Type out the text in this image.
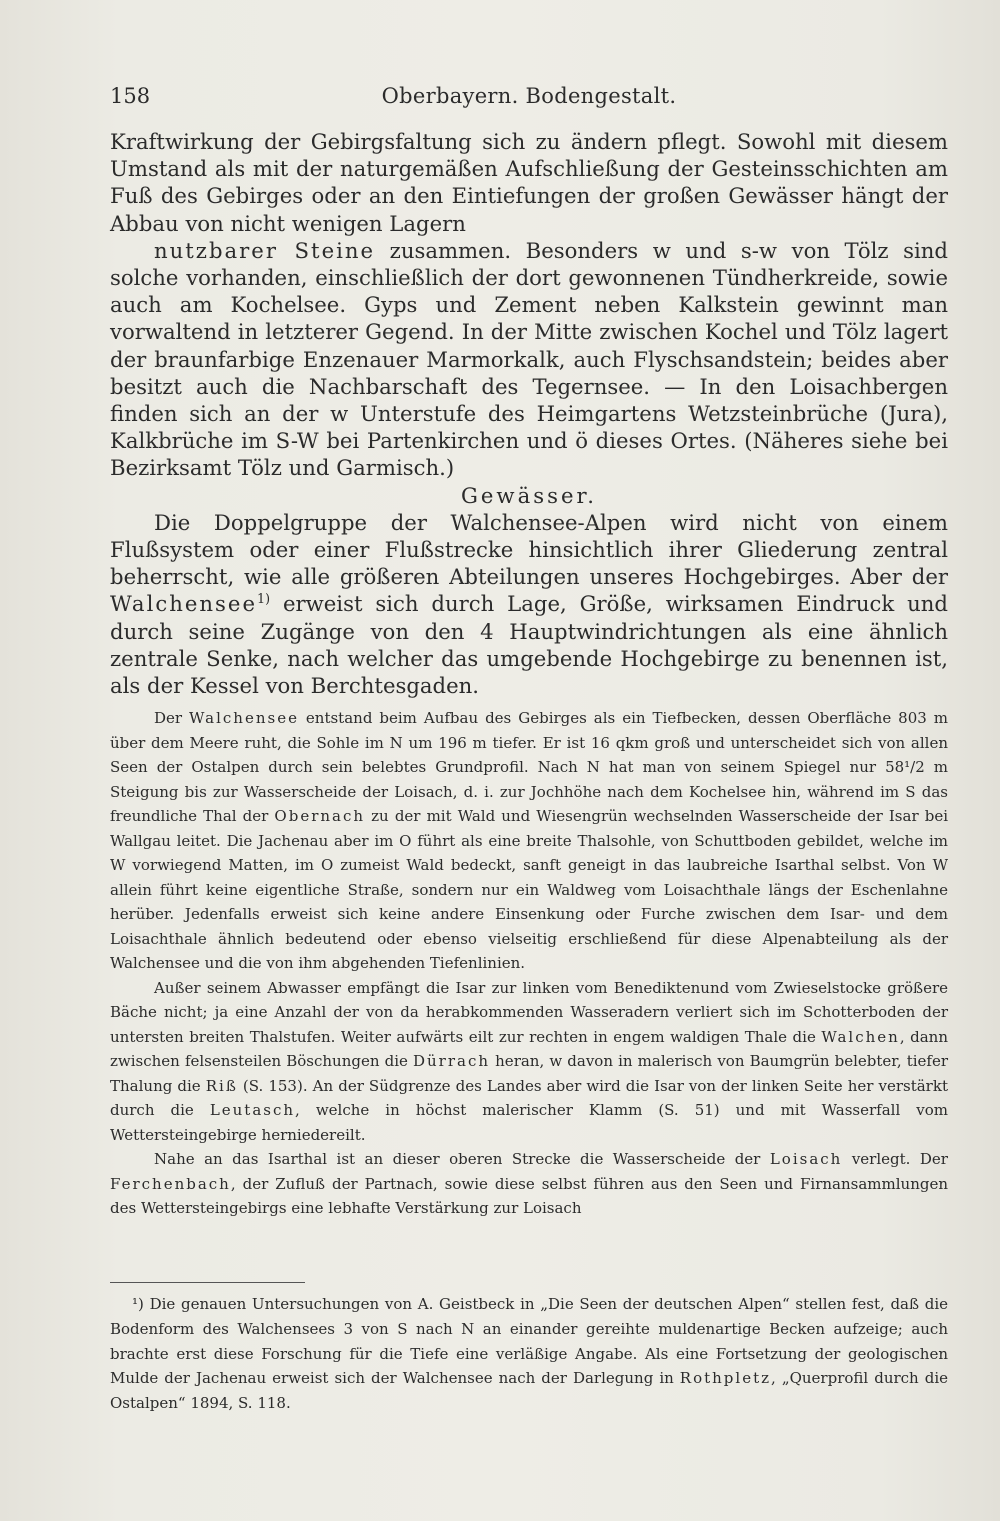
158	Oberbayern. Bodengestalt.

Kraftwirkung der Gebirgsfaltung sich zu ändern pflegt. Sowohl mit diesem Umstand als mit der naturgemäßen Aufschließung der Gesteinsschichten am Fuß des Gebirges oder an den Eintiefungen der großen Gewässer hängt der Abbau von nicht wenigen Lagern

nutzbarer Steine zusammen. Besonders w und s-w von Tölz sind solche vorhanden, einschließlich der dort gewonnenen Tündherkreide, sowie auch am Kochelsee. Gyps und Zement neben Kalkstein gewinnt man vorwaltend in letzterer Gegend. In der Mitte zwischen Kochel und Tölz lagert der braunfarbige Enzenauer Marmorkalk, auch Flyschsandstein; beides aber besitzt auch die Nachbarschaft des Tegernsee. — In den Loisachbergen finden sich an der w Unterstufe des Heimgartens Wetzsteinbrüche (Jura), Kalkbrüche im S-W bei Partenkirchen und ö dieses Ortes. (Näheres siehe bei Bezirksamt Tölz und Garmisch.)

Gewässer.

Die Doppelgruppe der Walchensee-Alpen wird nicht von einem Flußsystem oder einer Flußstrecke hinsichtlich ihrer Gliederung zentral beherrscht, wie alle größeren Abteilungen unseres Hochgebirges. Aber der Walchensee$^{1)}$ erweist sich durch Lage, Größe, wirksamen Eindruck und durch seine Zugänge von den 4 Hauptwindrichtungen als eine ähnlich zentrale Senke, nach welcher das umgebende Hochgebirge zu benennen ist, als der Kessel von Berchtesgaden.

Der Walchensee entstand beim Aufbau des Gebirges als ein Tiefbecken, dessen Oberfläche 803 m über dem Meere ruht, die Sohle im N um 196 m tiefer. Er ist 16 qkm groß und unterscheidet sich von allen Seen der Ostalpen durch sein belebtes Grundprofil. Nach N hat man von seinem Spiegel nur 58¹/2 m Steigung bis zur Wasserscheide der Loisach, d. i. zur Jochhöhe nach dem Kochelsee hin, während im S das freundliche Thal der Obernach zu der mit Wald und Wiesengrün wechselnden Wasserscheide der Isar bei Wallgau leitet. Die Jachenau aber im O führt als eine breite Thalsohle, von Schuttboden gebildet, welche im W vorwiegend Matten, im O zumeist Wald bedeckt, sanft geneigt in das laubreiche Isarthal selbst. Von W allein führt keine eigentliche Straße, sondern nur ein Waldweg vom Loisachthale längs der Eschenlahne herüber. Jedenfalls erweist sich keine andere Einsenkung oder Furche zwischen dem Isar- und dem Loisachthale ähnlich bedeutend oder ebenso vielseitig erschließend für diese Alpenabteilung als der Walchensee und die von ihm abgehenden Tiefenlinien.

Außer seinem Abwasser empfängt die Isar zur linken vom Benediktenund vom Zwieselstocke größere Bäche nicht; ja eine Anzahl der von da herabkommenden Wasseradern verliert sich im Schotterboden der untersten breiten Thalstufen. Weiter aufwärts eilt zur rechten in engem waldigen Thale die Walchen, dann zwischen felsensteilen Böschungen die Dürrach heran, w davon in malerisch von Baumgrün belebter, tiefer Thalung die Riß (S. 153). An der Südgrenze des Landes aber wird die Isar von der linken Seite her verstärkt durch die Leutasch, welche in höchst malerischer Klamm (S. 51) und mit Wasserfall vom Wettersteingebirge herniedereilt.

Nahe an das Isarthal ist an dieser oberen Strecke die Wasserscheide der Loisach verlegt. Der Ferchenbach, der Zufluß der Partnach, sowie diese selbst führen aus den Seen und Firnansammlungen des Wettersteingebirgs eine lebhafte Verstärkung zur Loisach

¹) Die genauen Untersuchungen von A. Geistbeck in „Die Seen der deutschen Alpen“ stellen fest, daß die Bodenform des Walchensees 3 von S nach N an einander gereihte muldenartige Becken aufzeige; auch brachte erst diese Forschung für die Tiefe eine verläßige Angabe. Als eine Fortsetzung der geologischen Mulde der Jachenau erweist sich der Walchensee nach der Darlegung in Rothpletz, „Querprofil durch die Ostalpen“ 1894, S. 118.
